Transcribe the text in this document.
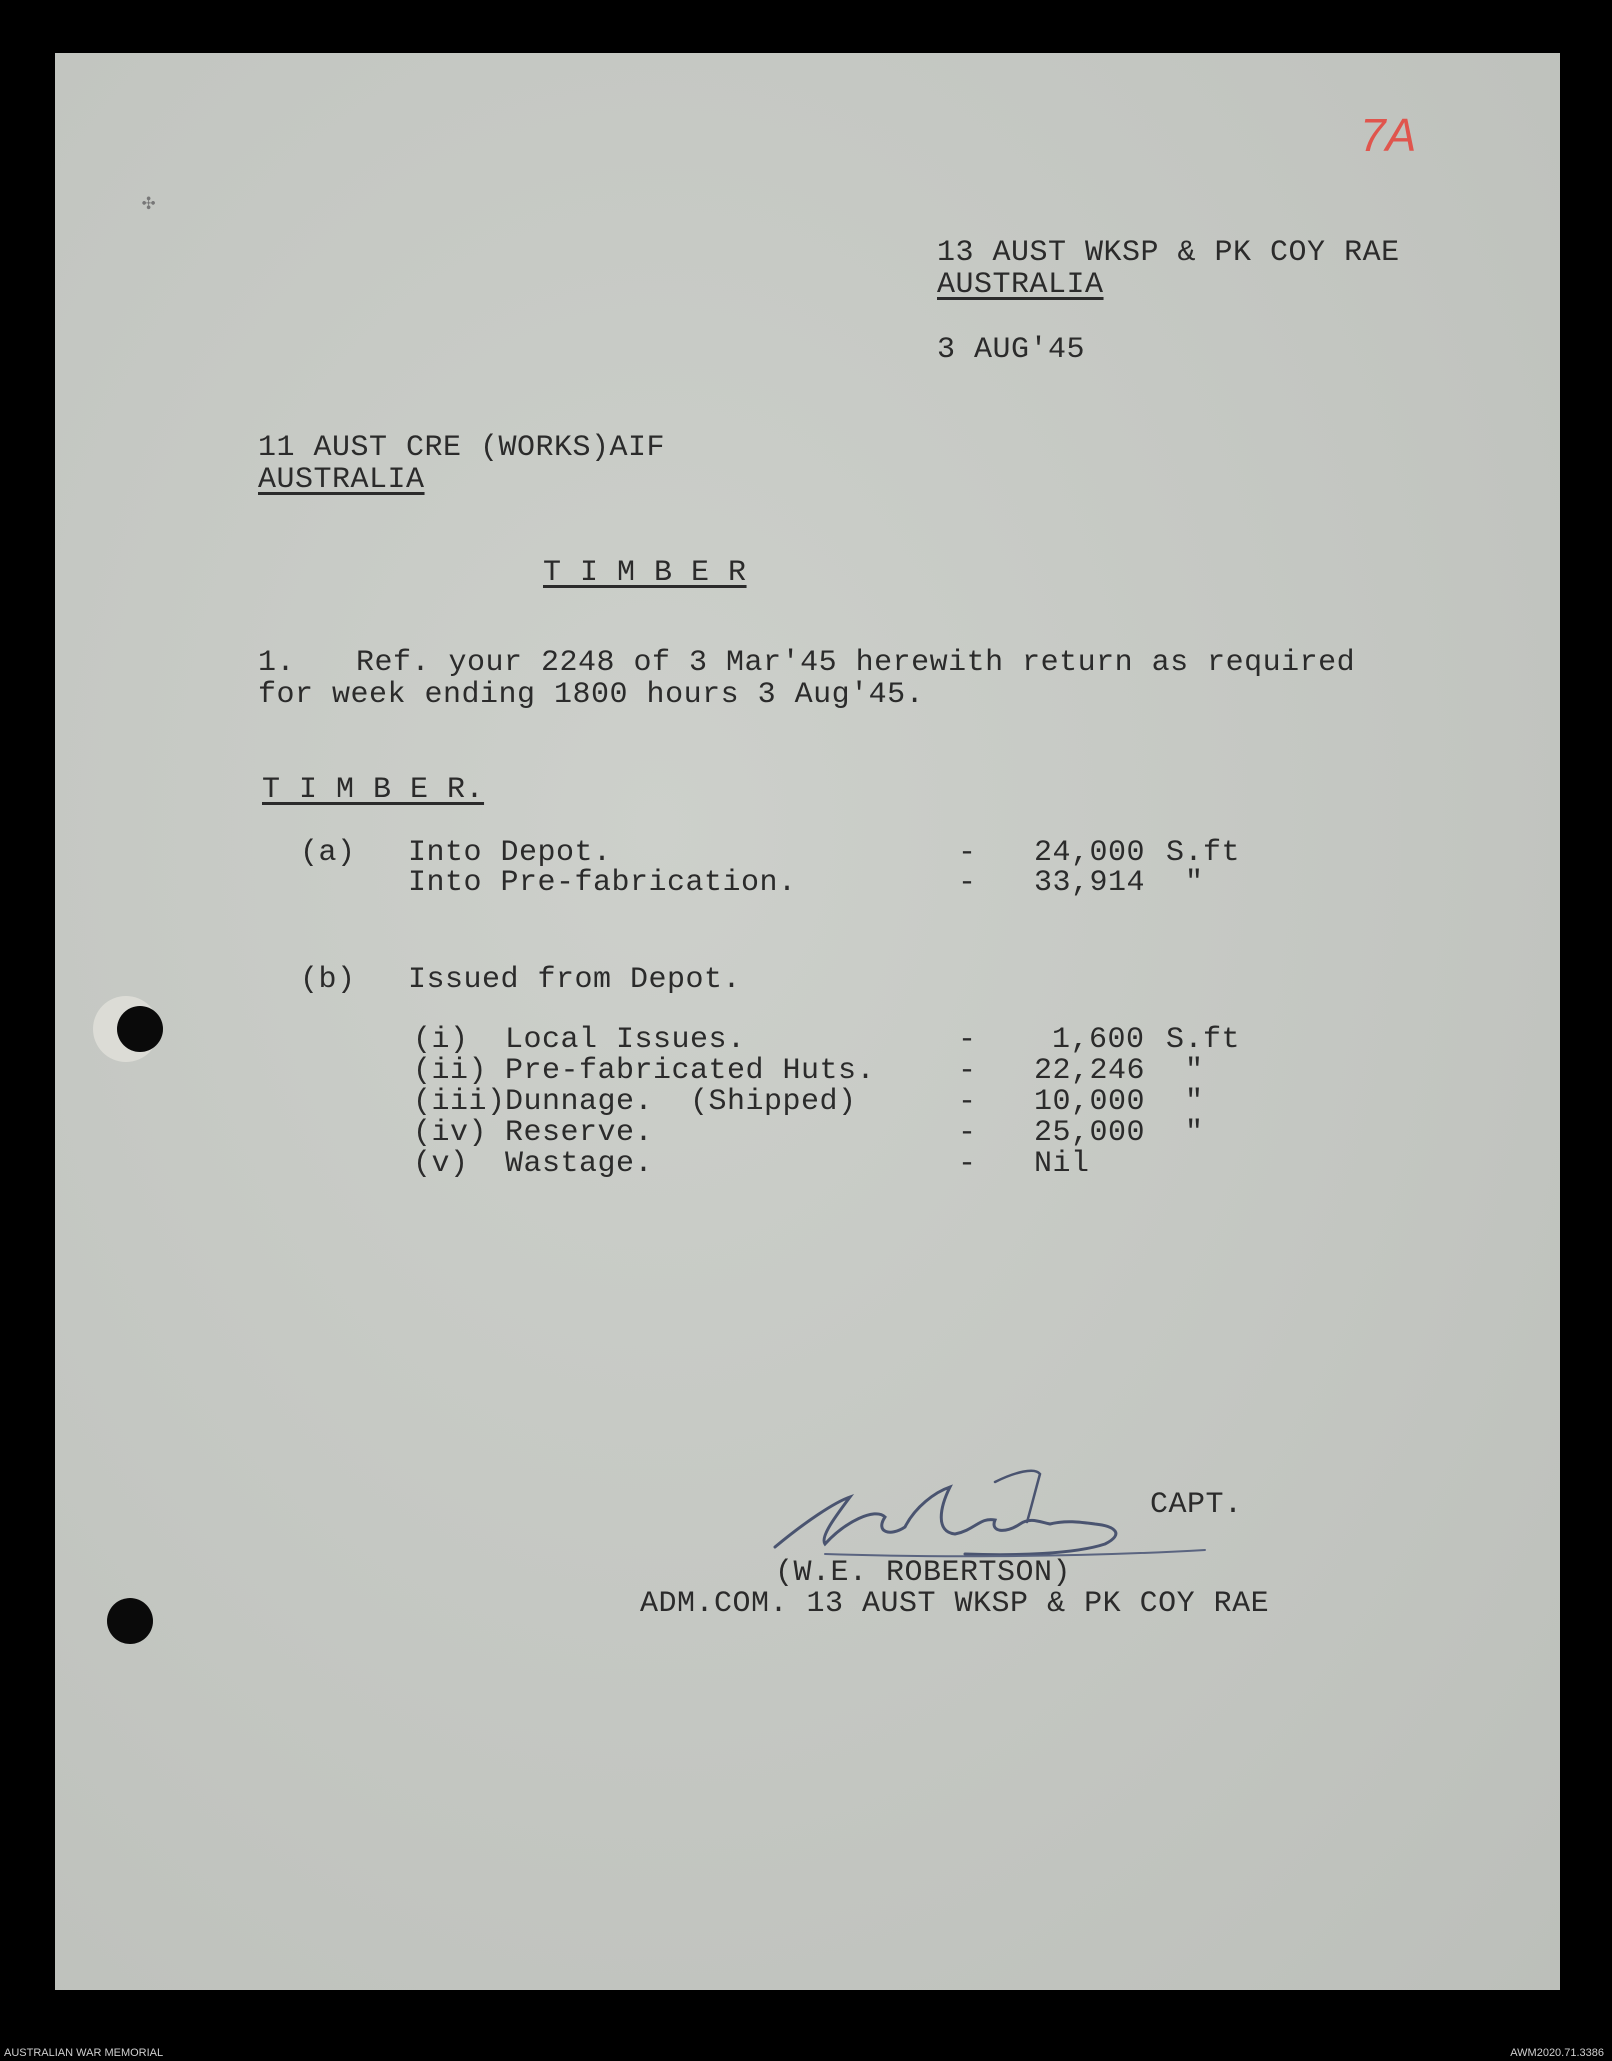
✣
7A
13 AUST WKSP & PK COY RAE
AUSTRALIA
3 AUG'45
11 AUST CRE (WORKS)AIF
AUSTRALIA
T I M B E R
1. Ref. your 2248 of 3 Mar'45 herewith return as required
for week ending 1800 hours 3 Aug'45.
T I M B E R.
(a) Into Depot.	- 24,000 S.ft
Into Pre-fabrication.	- 33,914 "
(b) Issued from Depot.
(i) Local Issues.	-	1,600 S.ft
(ii) Pre-fabricated Huts.	- 22,246 "
(iii) Dunnage.  (Shipped)	- 10,000 "
(iv) Reserve.	- 25,000 "
(v) Wastage.	- Nil
CAPT.
(W.E. ROBERTSON)
ADM.COM. 13 AUST WKSP & PK COY RAE
AUSTRALIAN WAR MEMORIAL	AWM2020.71.3386
